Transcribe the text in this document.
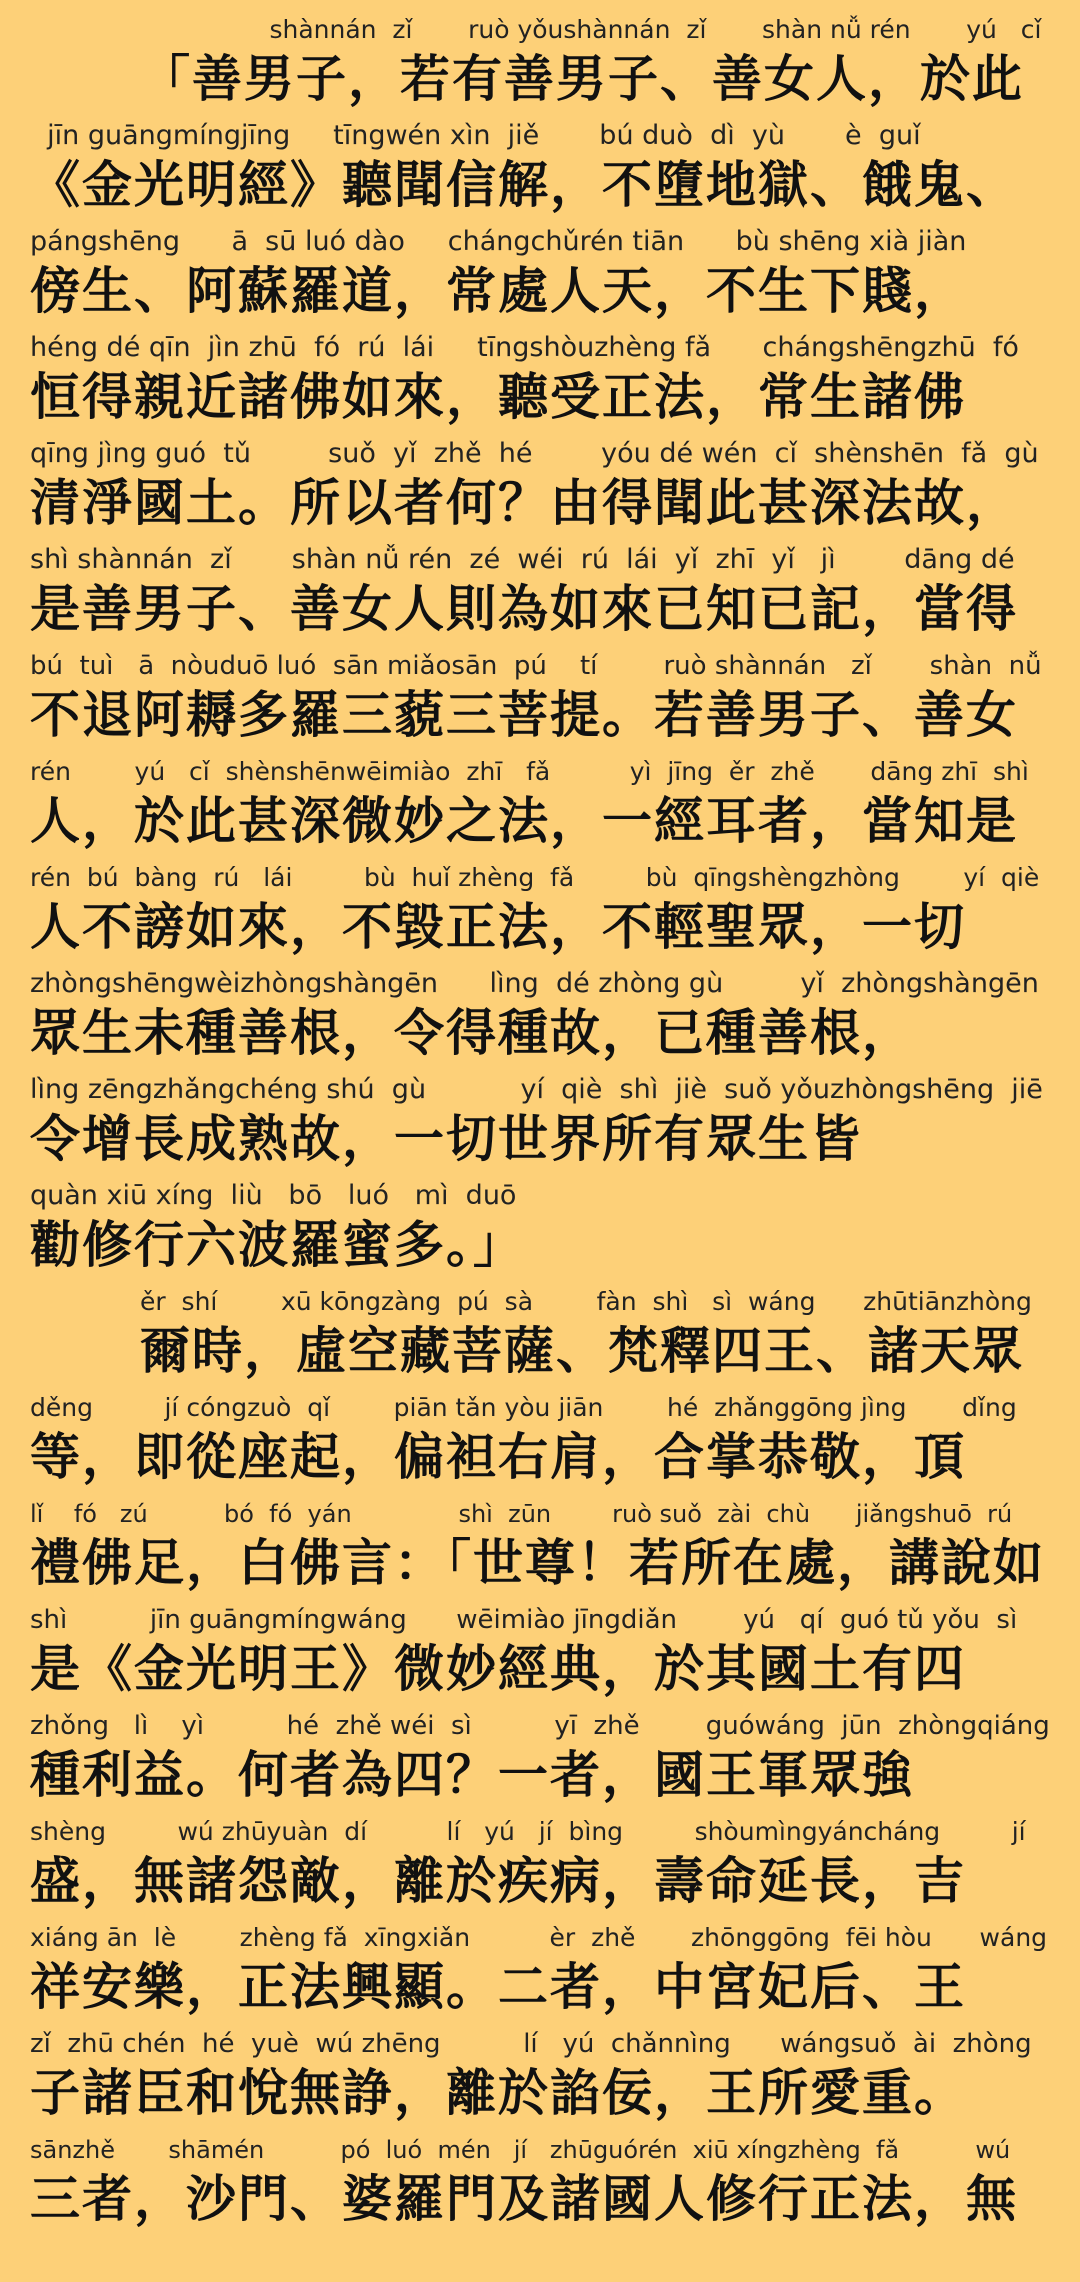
shànnán  zǐ       ruò yǒushànnán  zǐ       shàn nǚ rén       yú   cǐ
「善男子，若有善男子、善女人，於此
jīn guāngmíngjīng     tīngwén xìn  jiě       bú duò  dì  yù       è  guǐ
《金光明經》聽聞信解，不墮地獄、餓鬼、
pángshēng      ā  sū luó dào     chángchǔrén tiān      bù shēng xià jiàn
傍生、阿蘇羅道，常處人天，不生下賤，
héng dé qīn  jìn zhū  fó  rú  lái     tīngshòuzhèng fǎ      chángshēngzhū  fó
恒得親近諸佛如來，聽受正法，常生諸佛
qīng jìng guó  tǔ         suǒ  yǐ  zhě  hé        yóu dé wén  cǐ  shènshēn  fǎ  gù
清淨國土。所以者何？由得聞此甚深法故，
shì shànnán  zǐ       shàn nǚ rén  zé  wéi  rú  lái  yǐ  zhī  yǐ   jì        dāng dé
是善男子、善女人則為如來已知已記，當得
bú  tuì   ā  nòuduō luó  sān miǎosān  pú    tí        ruò shànnán   zǐ       shàn  nǚ
不退阿耨多羅三藐三菩提。若善男子、善女
rén        yú   cǐ  shènshēnwēimiào  zhī   fǎ          yì  jīng  ěr  zhě       dāng zhī  shì
人，於此甚深微妙之法，一經耳者，當知是
rén  bú  bàng  rú   lái         bù  huǐ zhèng  fǎ         bù  qīngshèngzhòng        yí  qiè
人不謗如來，不毀正法，不輕聖眾，一切
zhòngshēngwèizhòngshàngēn      lìng  dé zhòng gù         yǐ  zhòngshàngēn
眾生未種善根，令得種故，已種善根，
lìng zēngzhǎngchéng shú  gù           yí  qiè  shì  jiè  suǒ yǒuzhòngshēng  jiē
令增長成熟故，一切世界所有眾生皆
quàn xiū xíng  liù   bō   luó   mì  duō
勸修行六波羅蜜多。」
ěr  shí        xū kōngzàng  pú  sà        fàn  shì   sì  wáng      zhūtiānzhòng
爾時，虛空藏菩薩、梵釋四王、諸天眾
děng         jí cóngzuò  qǐ        piān tǎn yòu jiān        hé  zhǎnggōng jìng       dǐng
等，即從座起，偏袒右肩，合掌恭敬，頂
lǐ    fó   zú          bó  fó  yán              shì  zūn        ruò suǒ  zài  chù      jiǎngshuō  rú
禮佛足，白佛言：「世尊！若所在處，講說如
shì          jīn guāngmíngwáng      wēimiào jīngdiǎn        yú   qí  guó tǔ yǒu  sì
是《金光明王》微妙經典，於其國土有四
zhǒng   lì    yì          hé  zhě wéi  sì          yī  zhě        guówáng  jūn  zhòngqiáng
種利益。何者為四？一者，國王軍眾強
shèng         wú zhūyuàn  dí          lí   yú   jí  bìng         shòumìngyáncháng         jí
盛，無諸怨敵，離於疾病，壽命延長，吉
xiáng ān  lè        zhèng fǎ  xīngxiǎn          èr  zhě       zhōnggōng  fēi hòu      wáng
祥安樂，正法興顯。二者，中宮妃后、王
zǐ  zhū chén  hé  yuè  wú zhēng          lí   yú  chǎnnìng      wángsuǒ  ài  zhòng
子諸臣和悅無諍，離於諂佞，王所愛重。
sānzhě       shāmén          pó  luó  mén   jí   zhūguórén  xiū xíngzhèng  fǎ          wú
三者，沙門、婆羅門及諸國人修行正法，無
